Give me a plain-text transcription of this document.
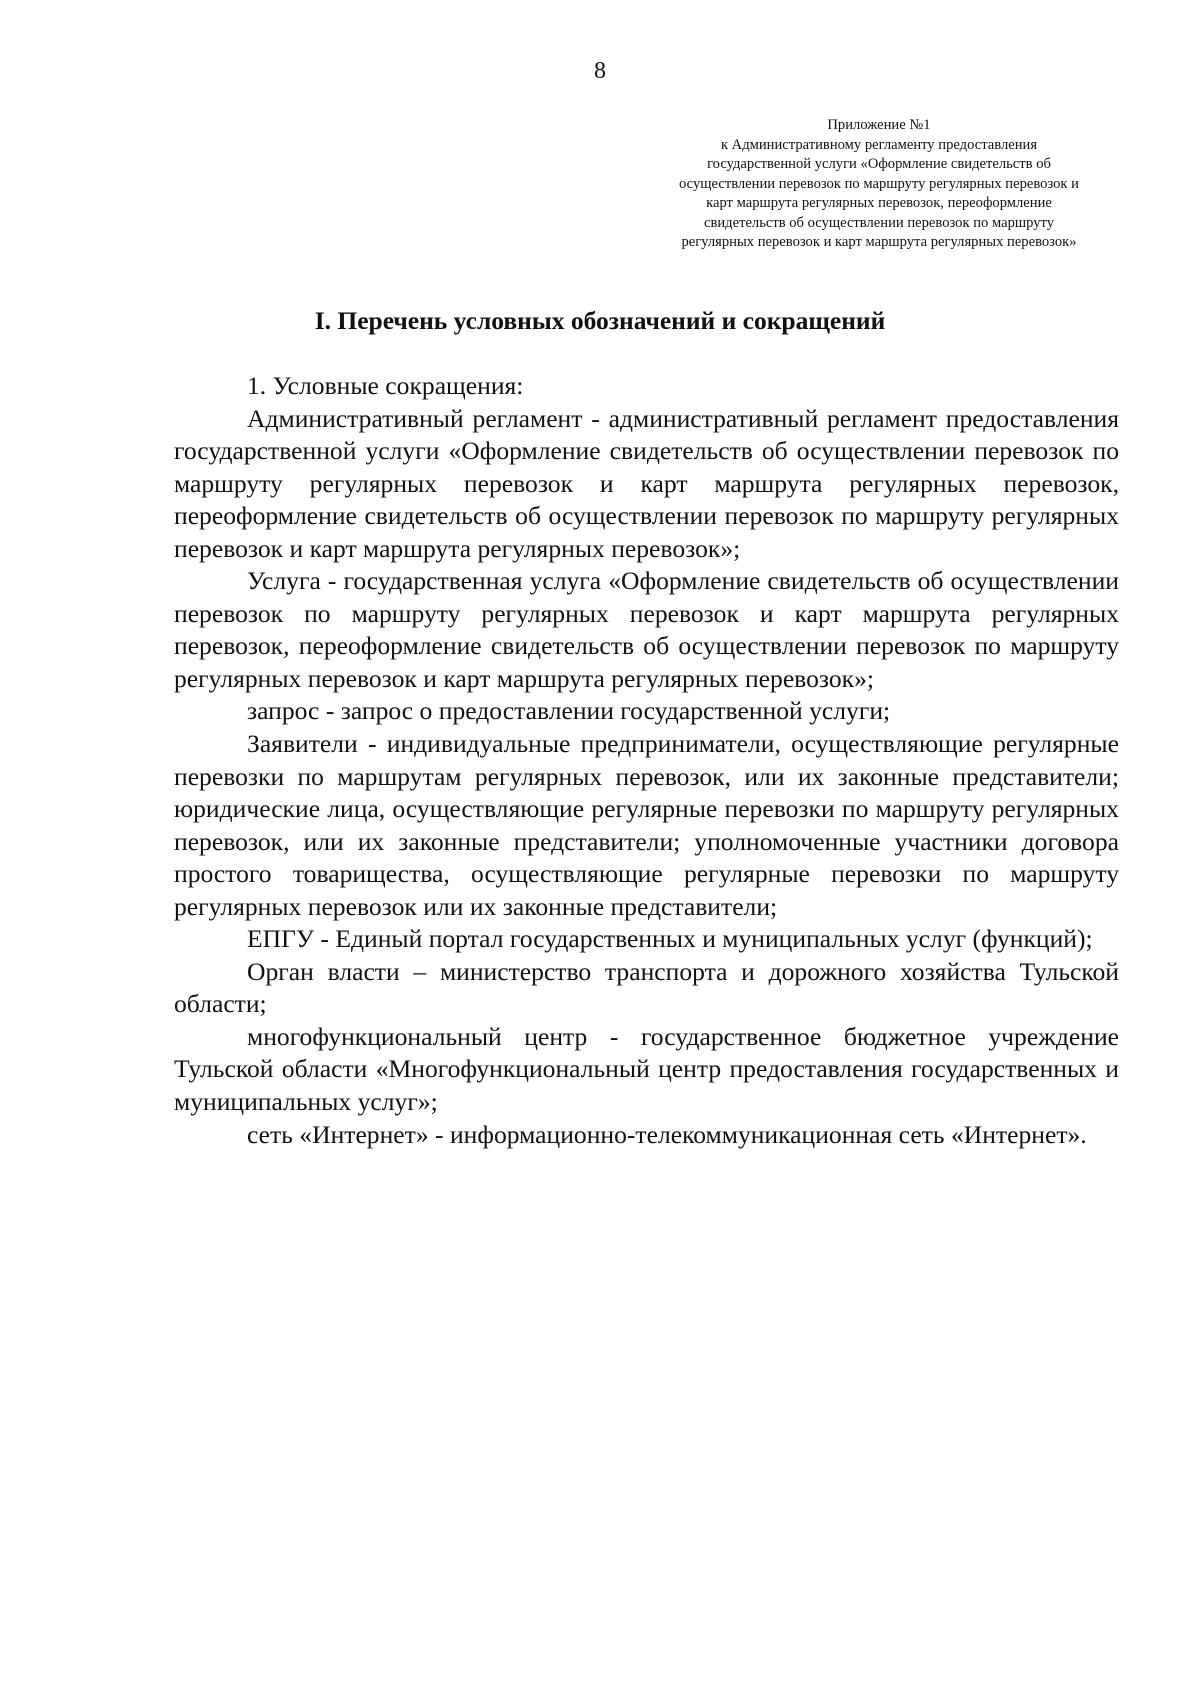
8
Приложение №1
к Административному регламенту предоставления
государственной услуги «Оформление свидетельств об
осуществлении перевозок по маршруту регулярных перевозок и
карт маршрута регулярных перевозок, переоформление
свидетельств об осуществлении перевозок по маршруту
регулярных перевозок и карт маршрута регулярных перевозок»
I. Перечень условных обозначений и сокращений

1. Условные сокращения:

Административный регламент - административный регламент предоставления государственной услуги «Оформление свидетельств об осуществлении перевозок по маршруту регулярных перевозок и карт маршрута регулярных перевозок, переоформление свидетельств об осуществлении перевозок по маршруту регулярных перевозок и карт маршрута регулярных перевозок»;

Услуга - государственная услуга «Оформление свидетельств об осуществлении перевозок по маршруту регулярных перевозок и карт маршрута регулярных перевозок, переоформление свидетельств об осуществлении перевозок по маршруту регулярных перевозок и карт маршрута регулярных перевозок»;

запрос - запрос о предоставлении государственной услуги;

Заявители - индивидуальные предприниматели, осуществляющие регулярные перевозки по маршрутам регулярных перевозок, или их законные представители; юридические лица, осуществляющие регулярные перевозки по маршруту регулярных перевозок, или их законные представители; уполномоченные участники договора простого товарищества, осуществляющие регулярные перевозки по маршруту регулярных перевозок или их законные представители;

ЕПГУ - Единый портал государственных и муниципальных услуг (функций);

Орган власти – министерство транспорта и дорожного хозяйства Тульской области;

многофункциональный центр - государственное бюджетное учреждение Тульской области «Многофункциональный центр предоставления государственных и муниципальных услуг»;

сеть «Интернет» - информационно-телекоммуникационная сеть «Интернет».
